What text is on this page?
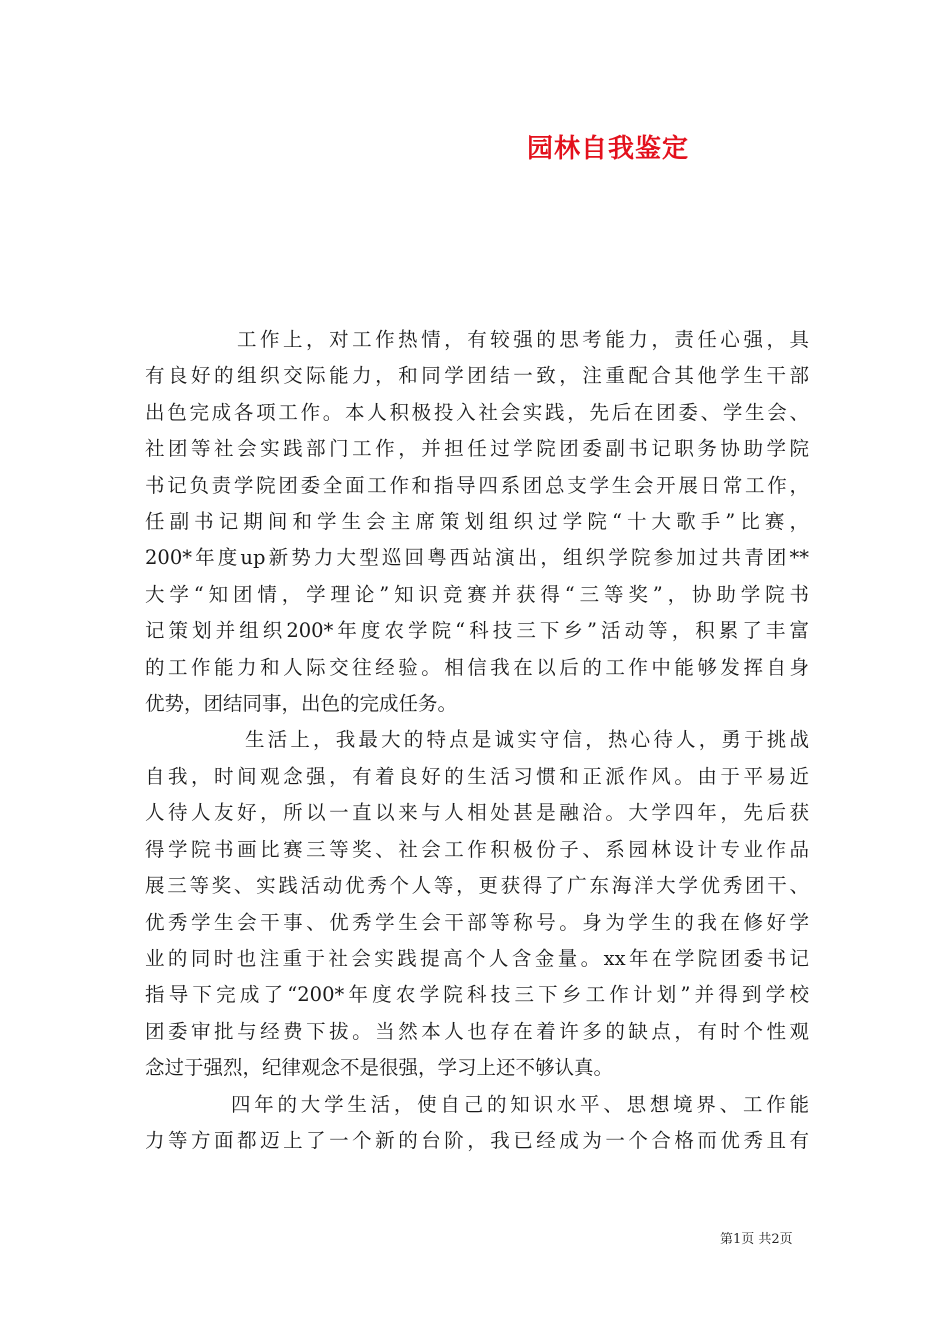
园林自我鉴定
工作上，对工作热情，有较强的思考能力，责任心强，具
有良好的组织交际能力，和同学团结一致，注重配合其他学生干部
出色完成各项工作。本人积极投入社会实践，先后在团委、学生会、
社团等社会实践部门工作，并担任过学院团委副书记职务协助学院
书记负责学院团委全面工作和指导四系团总支学生会开展日常工作，
任副书记期间和学生会主席策划组织过学院“十大歌手”比赛，
200*年度up新势力大型巡回粤西站演出，组织学院参加过共青团**
大学“知团情，学理论”知识竞赛并获得“三等奖”，协助学院书
记策划并组织200*年度农学院“科技三下乡”活动等，积累了丰富
的工作能力和人际交往经验。相信我在以后的工作中能够发挥自身
优势，团结同事，出色的完成任务。
生活上，我最大的特点是诚实守信，热心待人，勇于挑战
自我，时间观念强，有着良好的生活习惯和正派作风。由于平易近
人待人友好，所以一直以来与人相处甚是融洽。大学四年，先后获
得学院书画比赛三等奖、社会工作积极份子、系园林设计专业作品
展三等奖、实践活动优秀个人等，更获得了广东海洋大学优秀团干、
优秀学生会干事、优秀学生会干部等称号。身为学生的我在修好学
业的同时也注重于社会实践提高个人含金量。xx年在学院团委书记
指导下完成了“200*年度农学院科技三下乡工作计划”并得到学校
团委审批与经费下拔。当然本人也存在着许多的缺点，有时个性观
念过于强烈，纪律观念不是很强，学习上还不够认真。
四年的大学生活，使自己的知识水平、思想境界、工作能
力等方面都迈上了一个新的台阶，我已经成为一个合格而优秀且有
第1页 共2页
